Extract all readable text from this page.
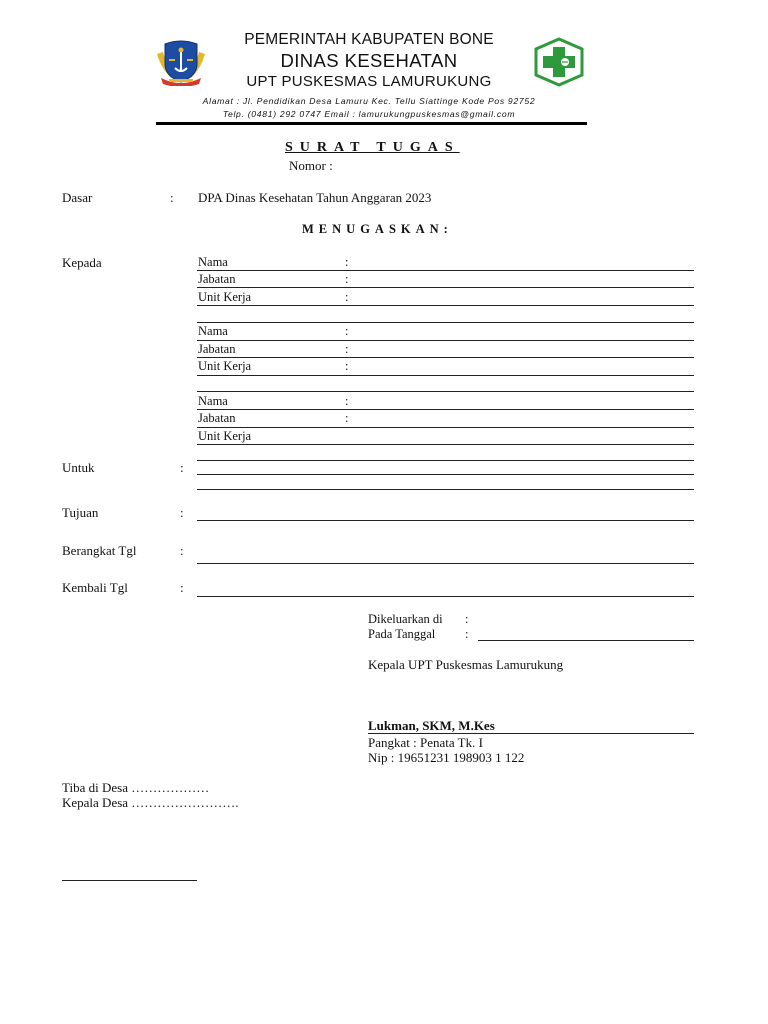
PEMERINTAH KABUPATEN BONE
DINAS KESEHATAN
UPT PUSKESMAS LAMURUKUNG
Alamat : Jl. Pendidikan Desa Lamuru Kec. Tellu Siattinge Kode Pos 92752
Telp. (0481) 292 0747 Email : lamurukungpuskesmas@gmail.com
SURAT TUGAS
Nomor :
Dasar	: DPA Dinas Kesehatan Tahun Anggaran 2023
MENUGASKAN:
Kepada	Nama	:
Jabatan	:
Unit Kerja	:
Nama	:
Jabatan	:
Unit Kerja	:
Nama	:
Jabatan	:
Unit Kerja
Untuk	:
Tujuan	:
Berangkat Tgl	:
Kembali Tgl	:
Dikeluarkan di :
Pada Tanggal :
Kepala UPT Puskesmas Lamurukung
Lukman, SKM, M.Kes
Pangkat : Penata Tk. I
Nip : 19651231 198903 1 122
Tiba di Desa ………………
Kepala Desa …………………….
